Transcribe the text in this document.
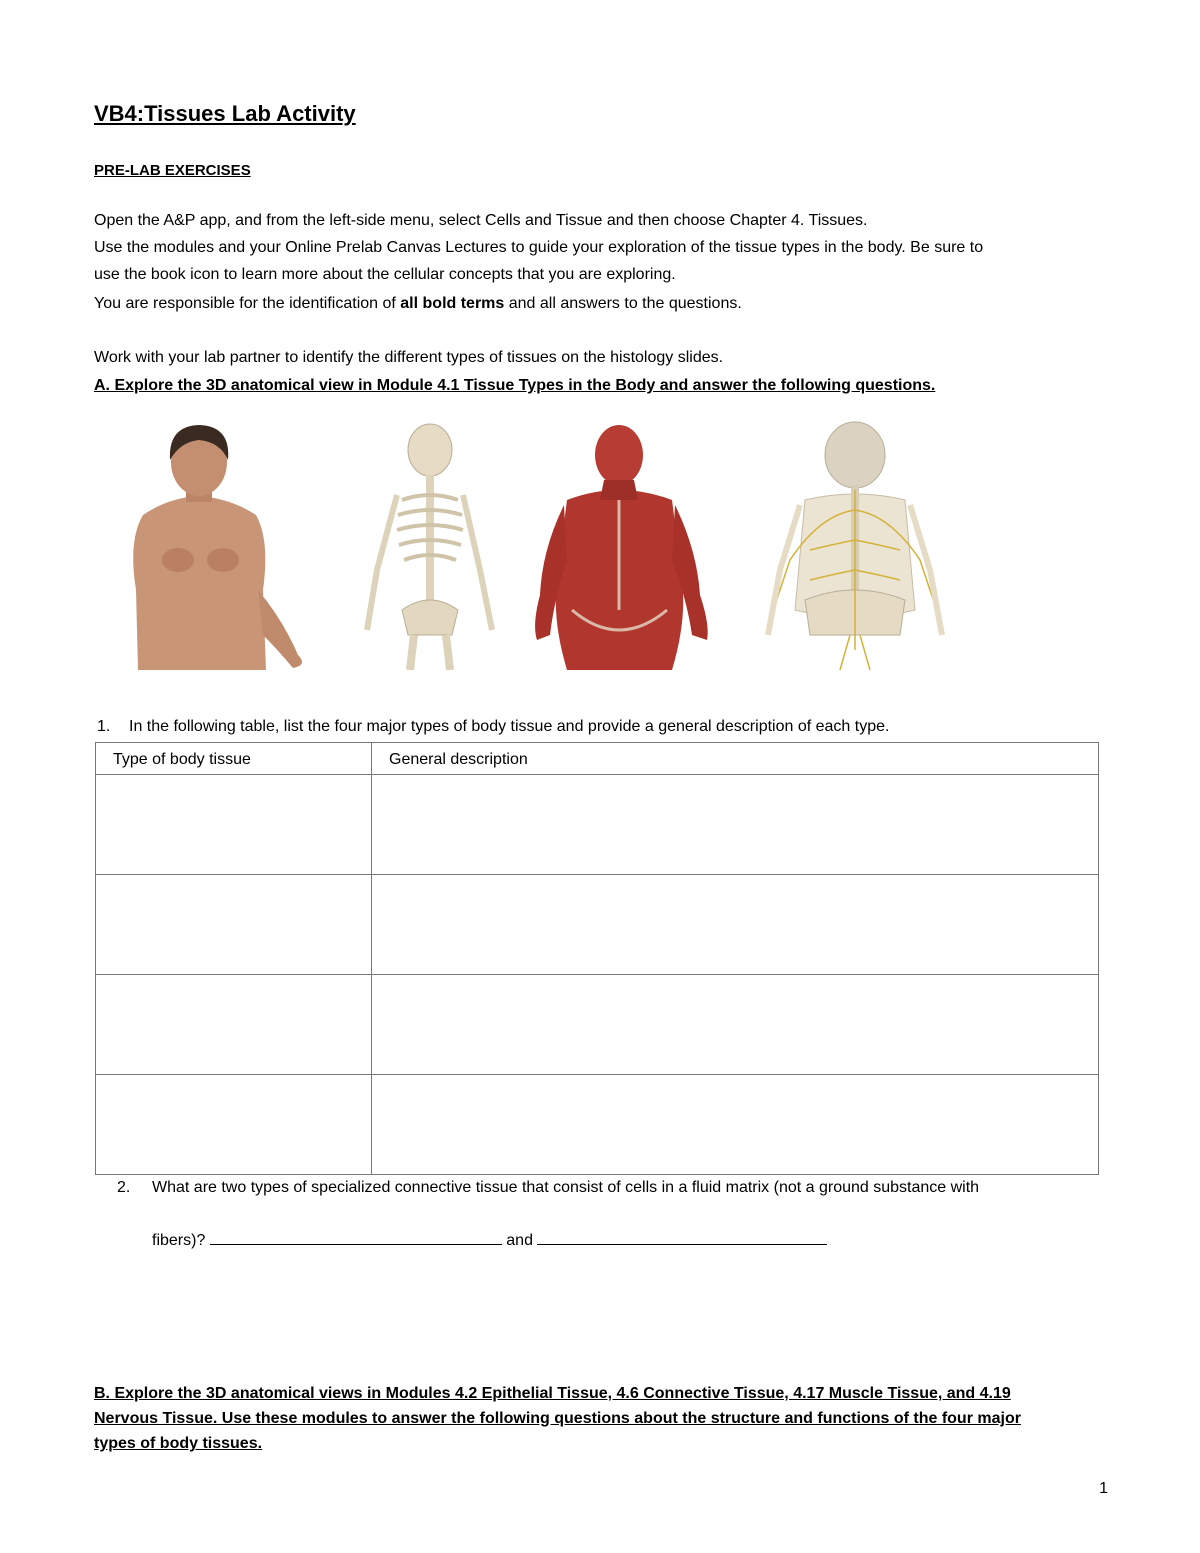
VB4:Tissues Lab Activity
PRE-LAB EXERCISES
Open the A&P app, and from the left-side menu, select Cells and Tissue and then choose Chapter 4. Tissues.
Use the modules and your Online Prelab Canvas Lectures to guide your exploration of the tissue types in the body. Be sure to
use the book icon to learn more about the cellular concepts that you are exploring.
You are responsible for the identification of all bold terms and all answers to the questions.
Work with your lab partner to identify the different types of tissues on the histology slides.
A. Explore the 3D anatomical view in Module 4.1 Tissue Types in the Body and answer the following questions.
1. In the following table, list the four major types of body tissue and provide a general description of each type.
Type of body tissue	General description

2. What are two types of specialized connective tissue that consist of cells in a fluid matrix (not a ground substance with
fibers)?	and
B. Explore the 3D anatomical views in Modules 4.2 Epithelial Tissue, 4.6 Connective Tissue, 4.17 Muscle Tissue, and 4.19
Nervous Tissue. Use these modules to answer the following questions about the structure and functions of the four major
types of body tissues.
1
